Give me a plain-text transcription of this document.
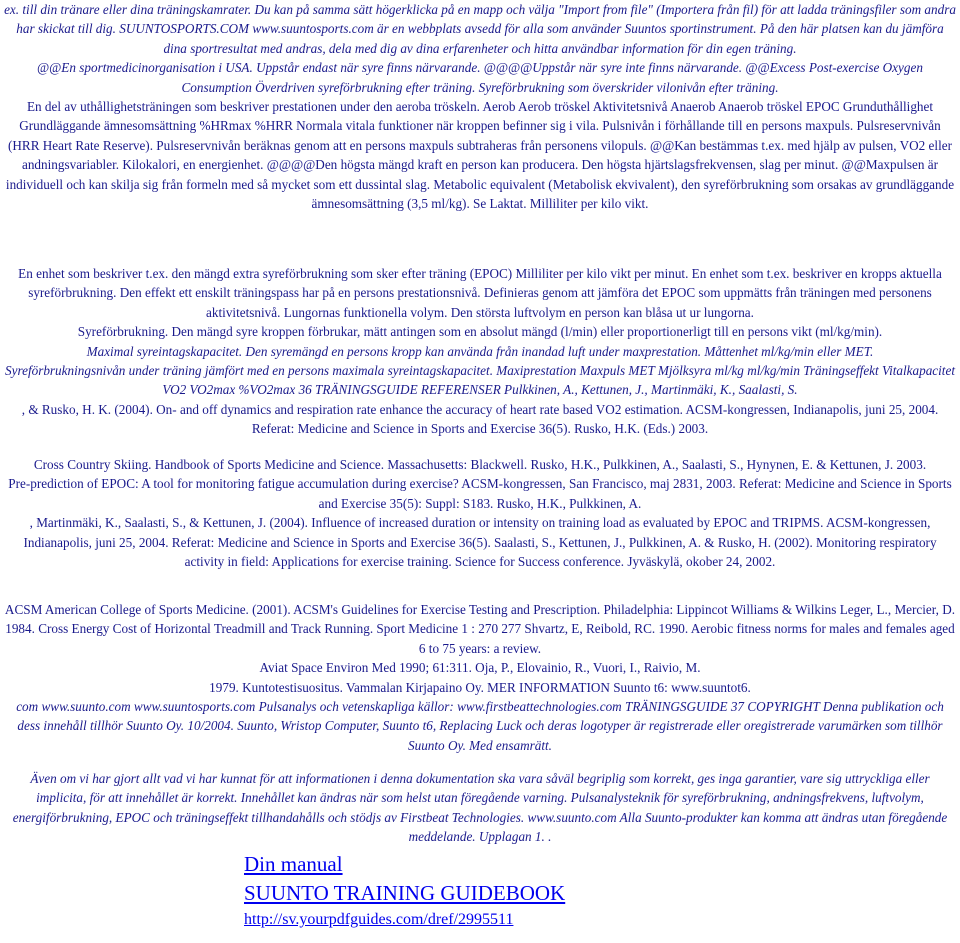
ex. till din tränare eller dina träningskamrater. Du kan på samma sätt högerklicka på en mapp och välja "Import from file" (Importera från fil) för att ladda träningsfiler som andra har skickat till dig. SUUNTOSPORTS.COM www.suuntosports.com är en webbplats avsedd för alla som använder Suuntos sportinstrument. På den här platsen kan du jämföra dina sportresultat med andras, dela med dig av dina erfarenheter och hitta användbar information för din egen träning.

@@En sportmedicinorganisation i USA. Uppstår endast när syre finns närvarande. @@@@Uppstår när syre inte finns närvarande. @@Excess Post-exercise Oxygen Consumption Överdriven syreförbrukning efter träning. Syreförbrukning som överskrider vilonivån efter träning.

En del av uthållighetsträningen som beskriver prestationen under den aeroba tröskeln. Aerob Aerob tröskel Aktivitetsnivå Anaerob Anaerob tröskel EPOC Grunduthållighet Grundläggande ämnesomsättning %HRmax %HRR Normala vitala funktioner när kroppen befinner sig i vila. Pulsnivån i förhållande till en persons maxpuls. Pulsreservnivån (HRR Heart Rate Reserve). Pulsreservnivån beräknas genom att en persons maxpuls subtraheras från personens vilopuls. @@Kan bestämmas t.ex. med hjälp av pulsen, VO2 eller andningsvariabler. Kilokalori, en energienhet. @@@@Den högsta mängd kraft en person kan producera. Den högsta hjärtslagsfrekvensen, slag per minut. @@Maxpulsen är individuell och kan skilja sig från formeln med så mycket som ett dussintal slag. Metabolic equivalent (Metabolisk ekvivalent), den syreförbrukning som orsakas av grundläggande ämnesomsättning (3,5 ml/kg). Se Laktat. Milliliter per kilo vikt.

En enhet som beskriver t.ex. den mängd extra syreförbrukning som sker efter träning (EPOC) Milliliter per kilo vikt per minut. En enhet som t.ex. beskriver en kropps aktuella syreförbrukning. Den effekt ett enskilt träningspass har på en persons prestationsnivå. Definieras genom att jämföra det EPOC som uppmätts från träningen med personens aktivitetsnivå. Lungornas funktionella volym. Den största luftvolym en person kan blåsa ut ur lungorna.

Syreförbrukning. Den mängd syre kroppen förbrukar, mätt antingen som en absolut mängd (l/min) eller proportionerligt till en persons vikt (ml/kg/min).

Maximal syreintagskapacitet. Den syremängd en persons kropp kan använda från inandad luft under maxprestation. Måttenhet ml/kg/min eller MET.

Syreförbrukningsnivån under träning jämfört med en persons maximala syreintagskapacitet. Maxiprestation Maxpuls MET Mjölksyra ml/kg ml/kg/min Träningseffekt Vitalkapacitet VO2 VO2max %VO2max 36 TRÄNINGSGUIDE REFERENSER Pulkkinen, A., Kettunen, J., Martinmäki, K., Saalasti, S.

, & Rusko, H. K. (2004). On- and off dynamics and respiration rate enhance the accuracy of heart rate based VO2 estimation. ACSM-kongressen, Indianapolis, juni 25, 2004. Referat: Medicine and Science in Sports and Exercise 36(5). Rusko, H.K. (Eds.) 2003.

Cross Country Skiing. Handbook of Sports Medicine and Science. Massachusetts: Blackwell. Rusko, H.K., Pulkkinen, A., Saalasti, S., Hynynen, E. & Kettunen, J. 2003.

Pre-prediction of EPOC: A tool for monitoring fatigue accumulation during exercise? ACSM-kongressen, San Francisco, maj 2831, 2003. Referat: Medicine and Science in Sports and Exercise 35(5): Suppl: S183. Rusko, H.K., Pulkkinen, A.

, Martinmäki, K., Saalasti, S., & Kettunen, J. (2004). Influence of increased duration or intensity on training load as evaluated by EPOC and TRIPMS. ACSM-kongressen, Indianapolis, juni 25, 2004. Referat: Medicine and Science in Sports and Exercise 36(5). Saalasti, S., Kettunen, J., Pulkkinen, A. & Rusko, H. (2002). Monitoring respiratory activity in field: Applications for exercise training. Science for Success conference. Jyväskylä, okober 24, 2002.

ACSM American College of Sports Medicine. (2001). ACSM's Guidelines for Exercise Testing and Prescription. Philadelphia: Lippincot Williams & Wilkins Leger, L., Mercier, D. 1984. Cross Energy Cost of Horizontal Treadmill and Track Running. Sport Medicine 1 : 270 277 Shvartz, E, Reibold, RC. 1990. Aerobic fitness norms for males and females aged 6 to 75 years: a review.

Aviat Space Environ Med 1990; 61:311. Oja, P., Elovainio, R., Vuori, I., Raivio, M.

1979. Kuntotestisuositus. Vammalan Kirjapaino Oy. MER INFORMATION Suunto t6: www.suuntot6.

com www.suunto.com www.suuntosports.com Pulsanalys och vetenskapliga källor: www.firstbeattechnologies.com TRÄNINGSGUIDE 37 COPYRIGHT Denna publikation och dess innehåll tillhör Suunto Oy. 10/2004. Suunto, Wristop Computer, Suunto t6, Replacing Luck och deras logotyper är registrerade eller oregistrerade varumärken som tillhör Suunto Oy. Med ensamrätt.

Även om vi har gjort allt vad vi har kunnat för att informationen i denna dokumentation ska vara såväl begriplig som korrekt, ges inga garantier, vare sig uttryckliga eller implicita, för att innehållet är korrekt. Innehållet kan ändras när som helst utan föregående varning. Pulsanalysteknik för syreförbrukning, andningsfrekvens, luftvolym, energiförbrukning, EPOC och träningseffekt tillhandahålls och stödjs av Firstbeat Technologies. www.suunto.com Alla Suunto-produkter kan komma att ändras utan föregående meddelande. Upplagan 1. .

Din manual
SUUNTO TRAINING GUIDEBOOK
http://sv.yourpdfguides.com/dref/2995511
